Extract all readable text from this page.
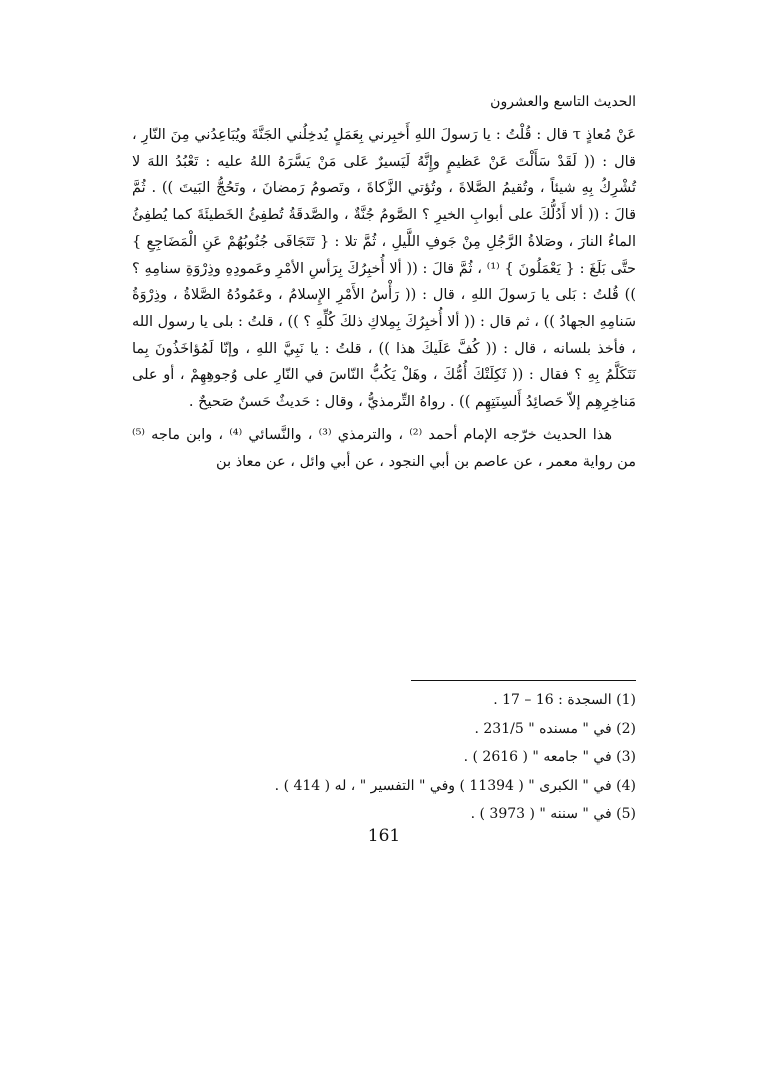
الحديث التاسع والعشرون

عَنْ مُعاذٍ τ قال : قُلْتُ : يا رَسولَ اللهِ أَخبِرني بِعَمَلٍ يُدخِلُني الجَنَّةَ ويُبَاعِدُني مِنَ النّارِ ، قال : (( لَقَدْ سَأَلْتَ عَنْ عَظيمٍ وإِنَّهُ لَيَسيرٌ عَلى مَنْ يَسَّرَهُ اللهُ عليه : تَعْبُدُ اللهَ لا تُشْرِكُ بِهِ شيئاً ، وتُقيمُ الصَّلاةَ ، وتُؤتي الزَّكاةَ ، وتَصومُ رَمضانَ ، وتَحُجُّ البَيتَ )) . ثُمَّ قالَ : (( ألا أَدُلُّكَ على أبوابِ الخيرِ ؟ الصَّومُ جُنَّةٌ ، والصَّدقَةُ تُطفِئُ الخَطيئَةَ كما يُطفِئُ الماءُ النارَ ، وصَلاةُ الرَّجُلِ مِنْ جَوفِ اللَّيلِ ، ثُمَّ تلا : { تَتَجَافَى جُنُوبُهُمْ عَنِ الْمَضَاجِعِ } حتَّى بَلَغَ : { يَعْمَلُونَ } ⁽¹⁾ ، ثُمَّ قالَ : (( ألا أُخبِرُكَ بِرَأسِ الأمْرِ وعَمودِهِ وذِرْوَةِ سنامِهِ ؟ )) قُلتُ : بَلى يا رَسولَ اللهِ ، قال : (( رَأْسُ الأَمْرِ الإِسلامُ ، وعَمُودُهُ الصَّلاةُ ، وذِرْوَةُ سَنامِهِ الجهادُ )) ، ثم قال : (( ألا أُخبِرُكَ بِمِلاكِ ذلكَ كُلِّهِ ؟ )) ، قلتُ : بلى يا رسول الله ، فأخذ بلسانه ، قال : (( كُفَّ عَلَيكَ هذا )) ، قلتُ : يا نَبِيَّ اللهِ ، وإنّا لَمُؤاخَذُونَ بِما نَتَكَلَّمُ بِهِ ؟ فقال : (( ثَكِلَتْكَ أُمُّكَ ، وهَلْ يَكُبُّ النّاسَ في النّارِ على وُجوهِهِمْ ، أو على مَناخِرِهِم إلاّ حَصائِدُ أَلسِنَتِهِم )) . رواهُ التِّرمذيُّ ، وقال : حَديثٌ حَسنٌ صَحيحٌ .

هذا الحديث خرّجه الإمام أحمد ⁽²⁾ ، والترمذي ⁽³⁾ ، والنَّسائي ⁽⁴⁾ ، وابن ماجه ⁽⁵⁾ من رواية معمر ، عن عاصم بن أبي النجود ، عن أبي وائل ، عن معاذ بن

(1) السجدة : 16 – 17 .
(2) في " مسنده " 231/5 .
(3) في " جامعه " ( 2616 ) .
(4) في " الكبرى " ( 11394 ) وفي " التفسير " ، له ( 414 ) .
(5) في " سننه " ( 3973 ) .
161
